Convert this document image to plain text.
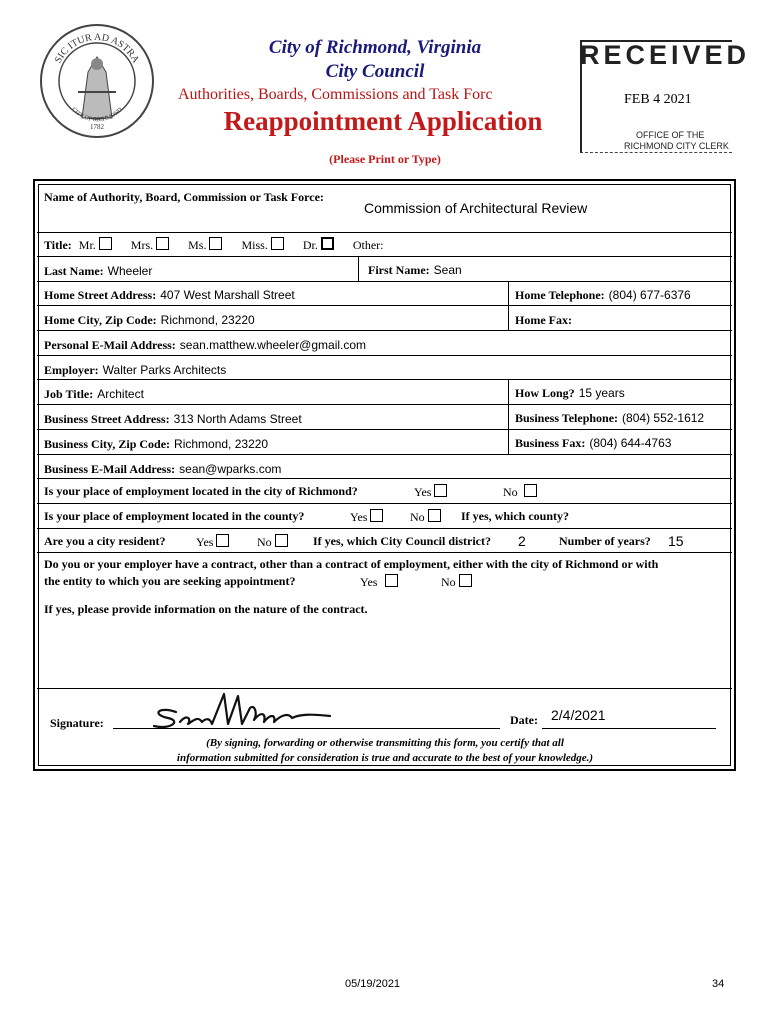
SIC ITUR AD ASTRA
CITY OF RICHMOND
1782
City of Richmond, Virginia
City Council
Authorities, Boards, Commissions and Task Forc
Reappointment Application
(Please Print or Type)
RECEIVED
FEB 4 2021
OFFICE OF THE
RICHMOND CITY CLERK
Name of Authority, Board, Commission or Task Force:
Commission of Architectural Review
Title: Mr.	Mrs.	Ms.	Miss.	Dr.	Other:
Last Name: Wheeler	First Name: Sean
Home Street Address: 407 West Marshall Street	Home Telephone: (804) 677-6376
Home City, Zip Code: Richmond, 23220	Home Fax:
Personal E-Mail Address: sean.matthew.wheeler@gmail.com
Employer: Walter Parks Architects
Job Title: Architect	How Long? 15 years
Business Street Address: 313 North Adams Street	Business Telephone: (804) 552-1612
Business City, Zip Code: Richmond, 23220	Business Fax: (804) 644-4763
Business E-Mail Address: sean@wparks.com
Is your place of employment located in the city of Richmond?	Yes	No
Is your place of employment located in the county?	Yes	No	If yes, which county?
Are you a city resident?	Yes	No	If yes, which City Council district? 2	Number of years? 15
Do you or your employer have a contract, other than a contract of employment, either with the city of Richmond or with
the entity to which you are seeking appointment?	Yes	No
If yes, please provide information on the nature of the contract.
Signature:	Date: 2/4/2021
(By signing, forwarding or otherwise transmitting this form, you certify that all
information submitted for consideration is true and accurate to the best of your knowledge.)
05/19/2021	34
